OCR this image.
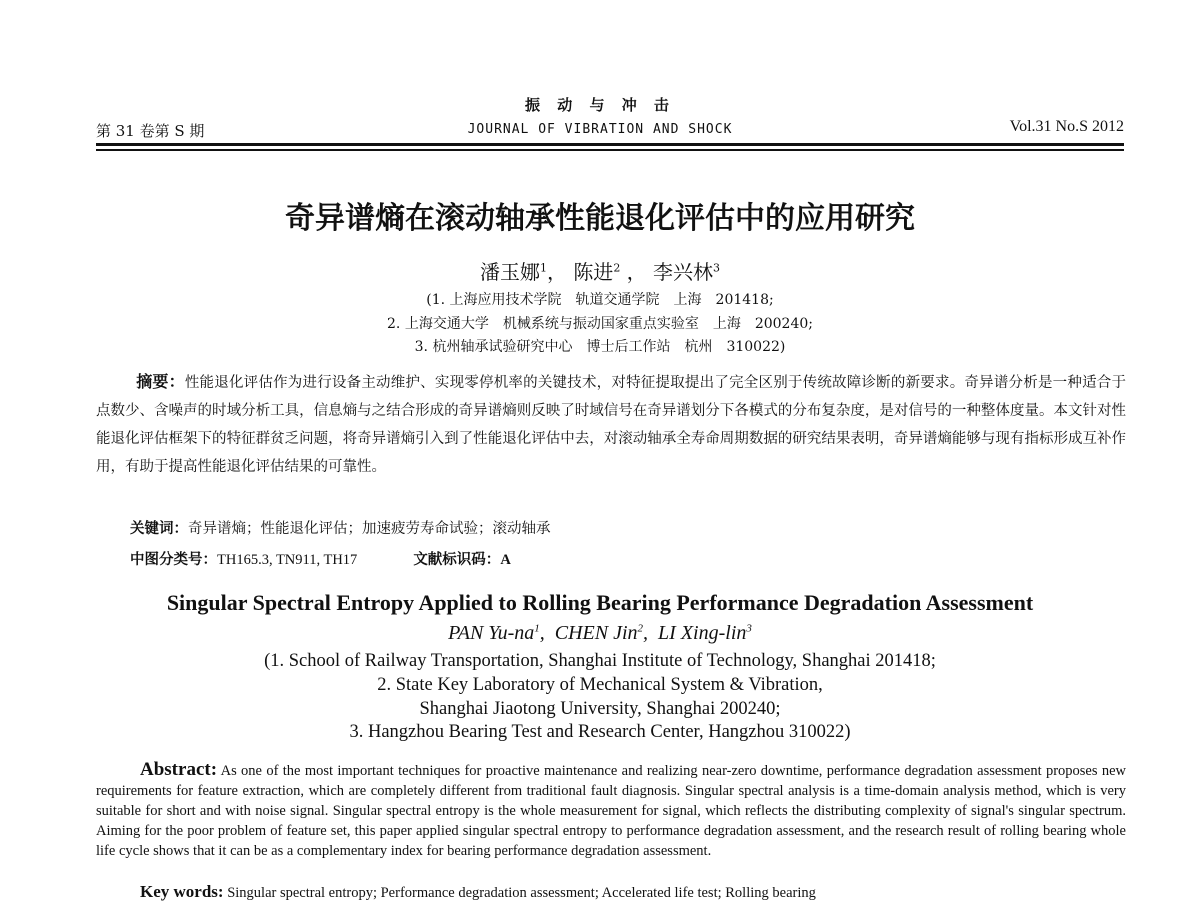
振 动 与 冲 击
第 31 卷第 S 期	JOURNAL OF VIBRATION AND SHOCK	Vol.31 No.S 2012
奇异谱熵在滚动轴承性能退化评估中的应用研究
潘玉娜$^1$， 陈进$^2$ ， 李兴林$^3$
(1. 上海应用技术学院　轨道交通学院　上海　201418;
2. 上海交通大学　机械系统与振动国家重点实验室　上海　200240;
3. 杭州轴承试验研究中心　博士后工作站　杭州　310022)
摘要：性能退化评估作为进行设备主动维护、实现零停机率的关键技术，对特征提取提出了完全区别于传统故障诊断的新要求。奇异谱分析是一种适合于点数少、含噪声的时域分析工具，信息熵与之结合形成的奇异谱熵则反映了时域信号在奇异谱划分下各模式的分布复杂度，是对信号的一种整体度量。本文针对性能退化评估框架下的特征群贫乏问题，将奇异谱熵引入到了性能退化评估中去，对滚动轴承全寿命周期数据的研究结果表明，奇异谱熵能够与现有指标形成互补作用，有助于提高性能退化评估结果的可靠性。
关键词：奇异谱熵；性能退化评估；加速疲劳寿命试验；滚动轴承
中图分类号：TH165.3, TN911, TH17	文献标识码：A
Singular Spectral Entropy Applied to Rolling Bearing Performance Degradation Assessment
PAN $Yu-na^1$,  CHEN Jin$^2$,  LI Xing-lin$^3$
(1. School of Railway Transportation, Shanghai Institute of Technology, Shanghai 201418;
2. State Key Laboratory of Mechanical System & Vibration,
Shanghai Jiaotong University, Shanghai 200240;
3. Hangzhou Bearing Test and Research Center, Hangzhou 310022)
Abstract: As one of the most important techniques for proactive maintenance and realizing near-zero downtime, performance degradation assessment proposes new requirements for feature extraction, which are completely different from traditional fault diagnosis. Singular spectral analysis is a time-domain analysis method, which is very suitable for short and with noise signal. Singular spectral entropy is the whole measurement for signal, which reflects the distributing complexity of signal's singular spectrum. Aiming for the poor problem of feature set, this paper applied singular spectral entropy to performance degradation assessment, and the research result of rolling bearing whole life cycle shows that it can be as a complementary index for bearing performance degradation assessment.
Key words: Singular spectral entropy; Performance degradation assessment; Accelerated life test; Rolling bearing
